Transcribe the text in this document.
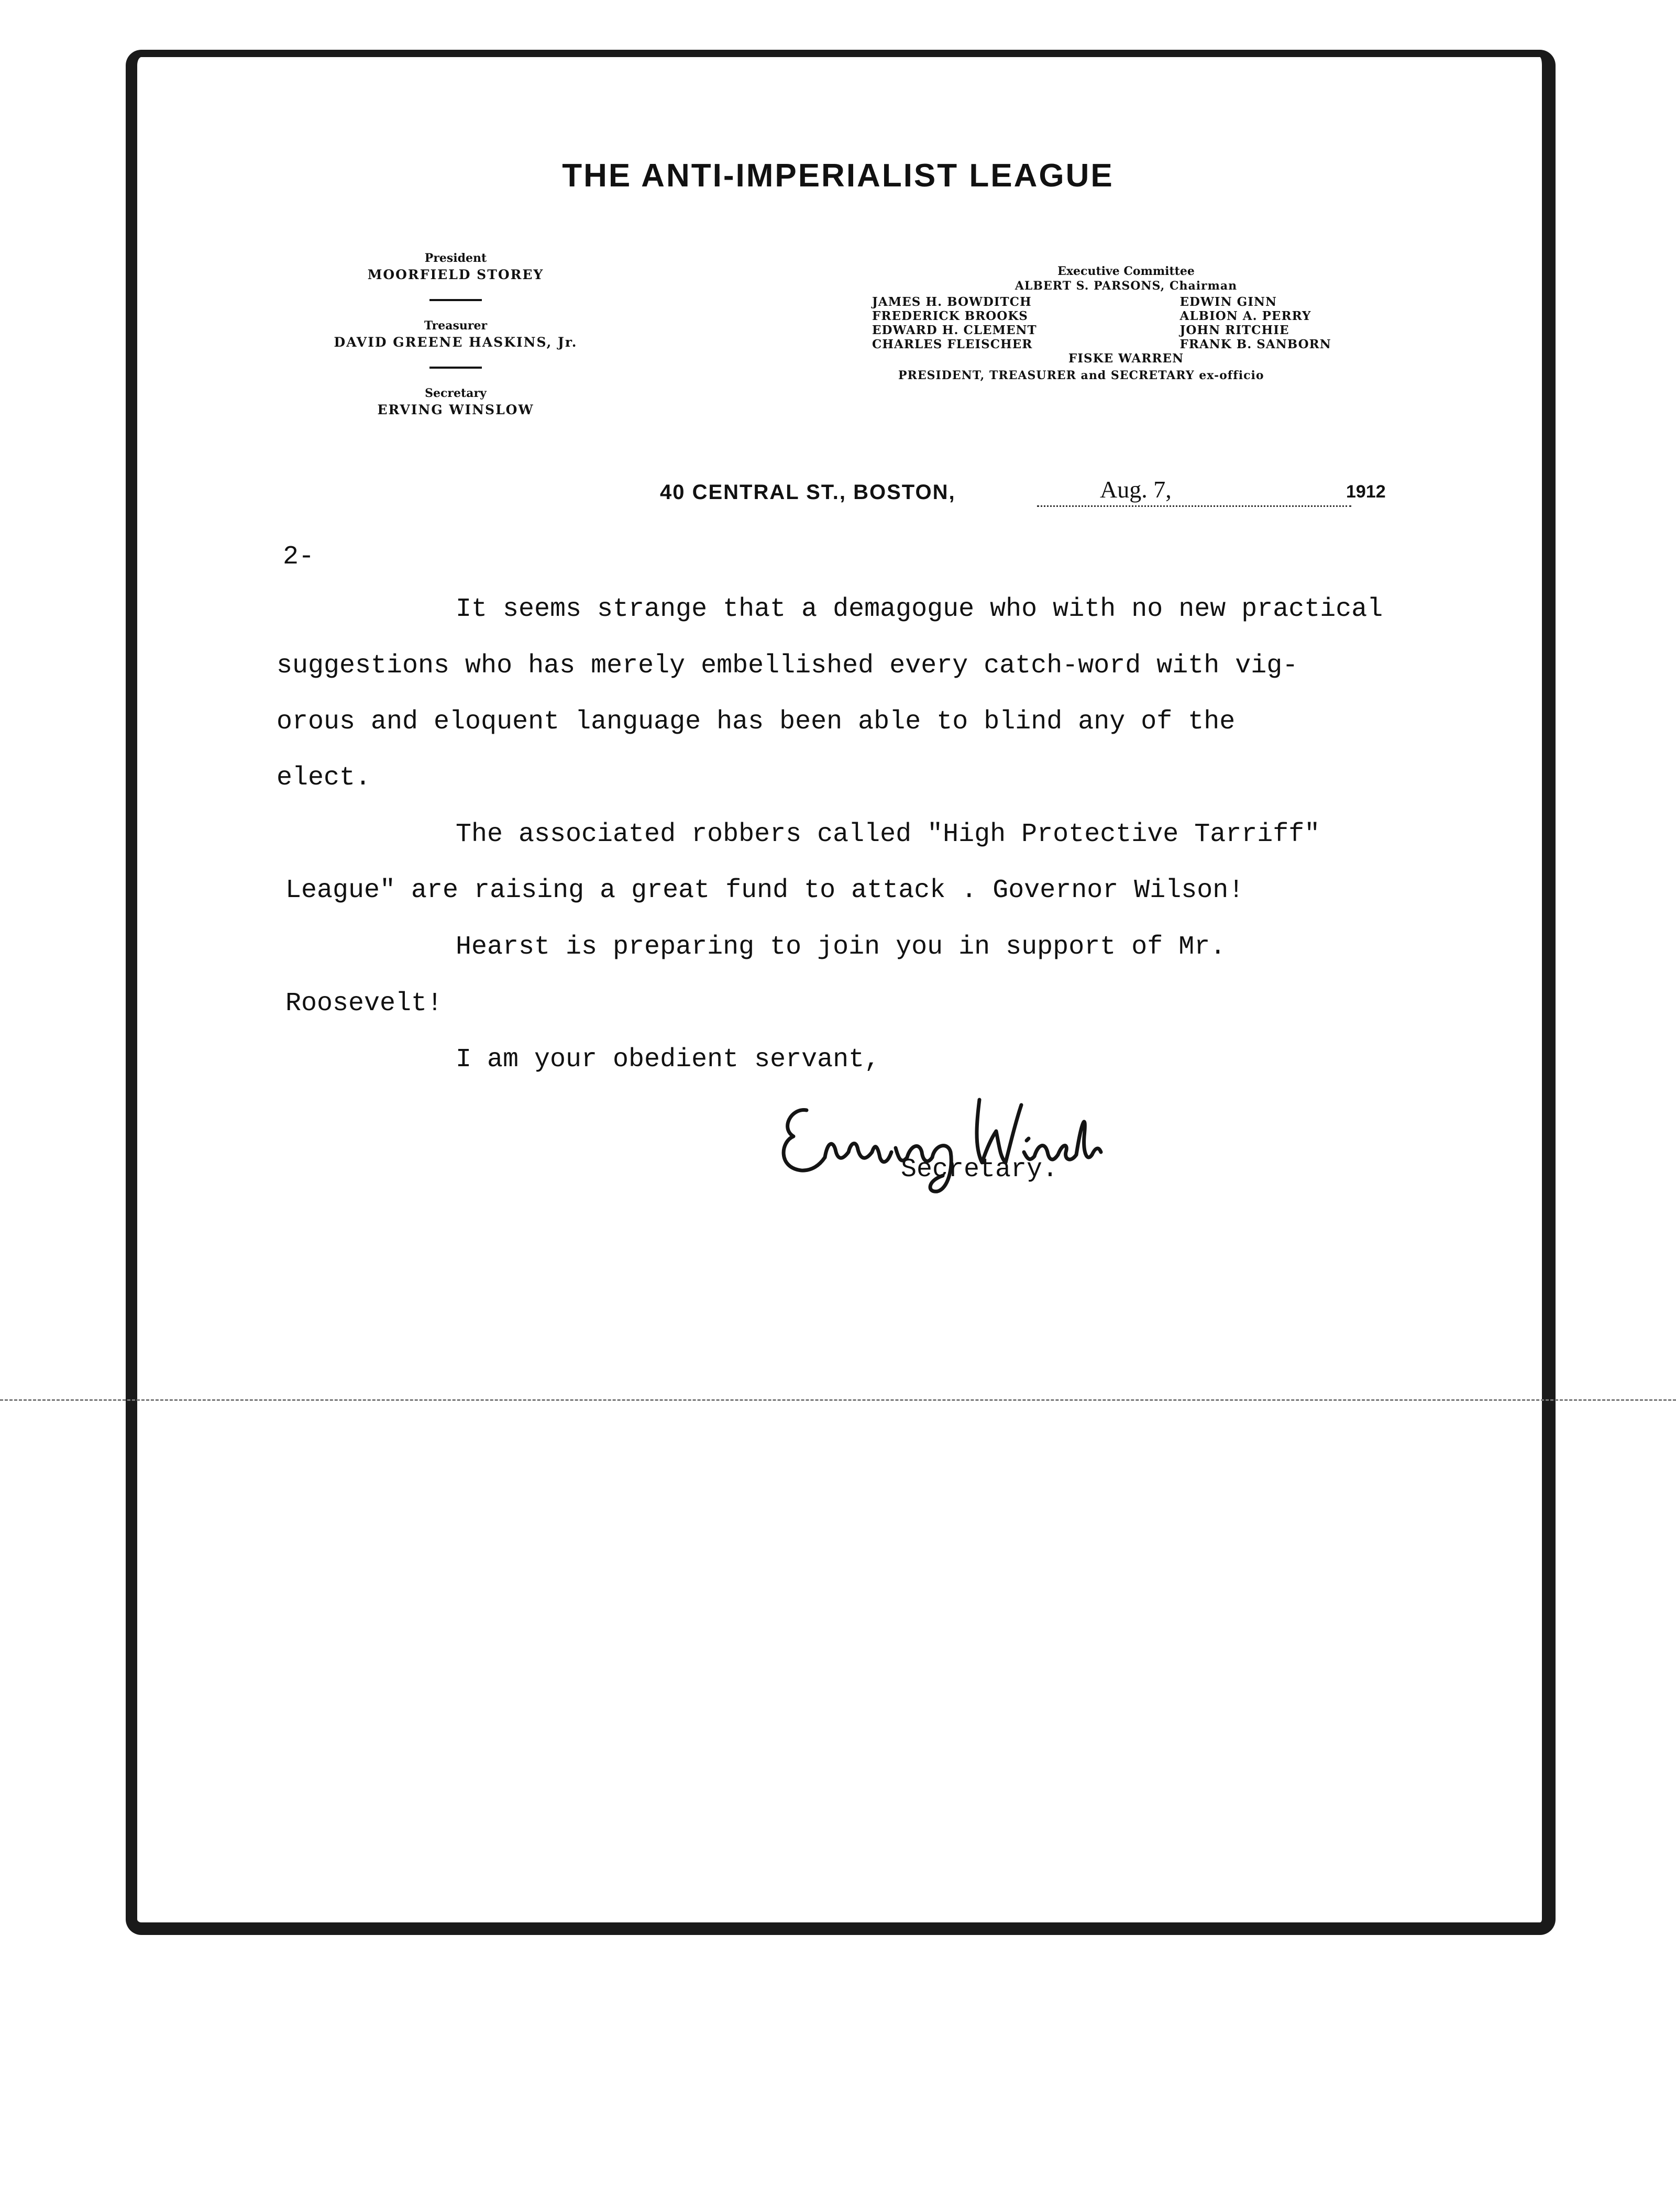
THE ANTI-IMPERIALIST LEAGUE
President
MOORFIELD STOREY
Treasurer
DAVID GREENE HASKINS, Jr.
Secretary
ERVING WINSLOW
Executive Committee
ALBERT S. PARSONS, Chairman
JAMES H. BOWDITCH
FREDERICK BROOKS
EDWARD H. CLEMENT
CHARLES FLEISCHER
EDWIN GINN
ALBION A. PERRY
JOHN RITCHIE
FRANK B. SANBORN
FISKE WARREN
PRESIDENT, TREASURER and SECRETARY ex-officio
40 CENTRAL ST., BOSTON,	Aug. 7,	1912
2-
It seems strange that a demagogue who with no new practical
suggestions who has merely embellished every catch-word with vig-
orous and eloquent language has been able to blind any of the
elect.
The associated robbers called "High Protective Tarriff"
League" are raising a great fund to attack . Governor Wilson!
Hearst is preparing to join you in support of Mr.
Roosevelt!
I am your obedient servant,
Secretary.
